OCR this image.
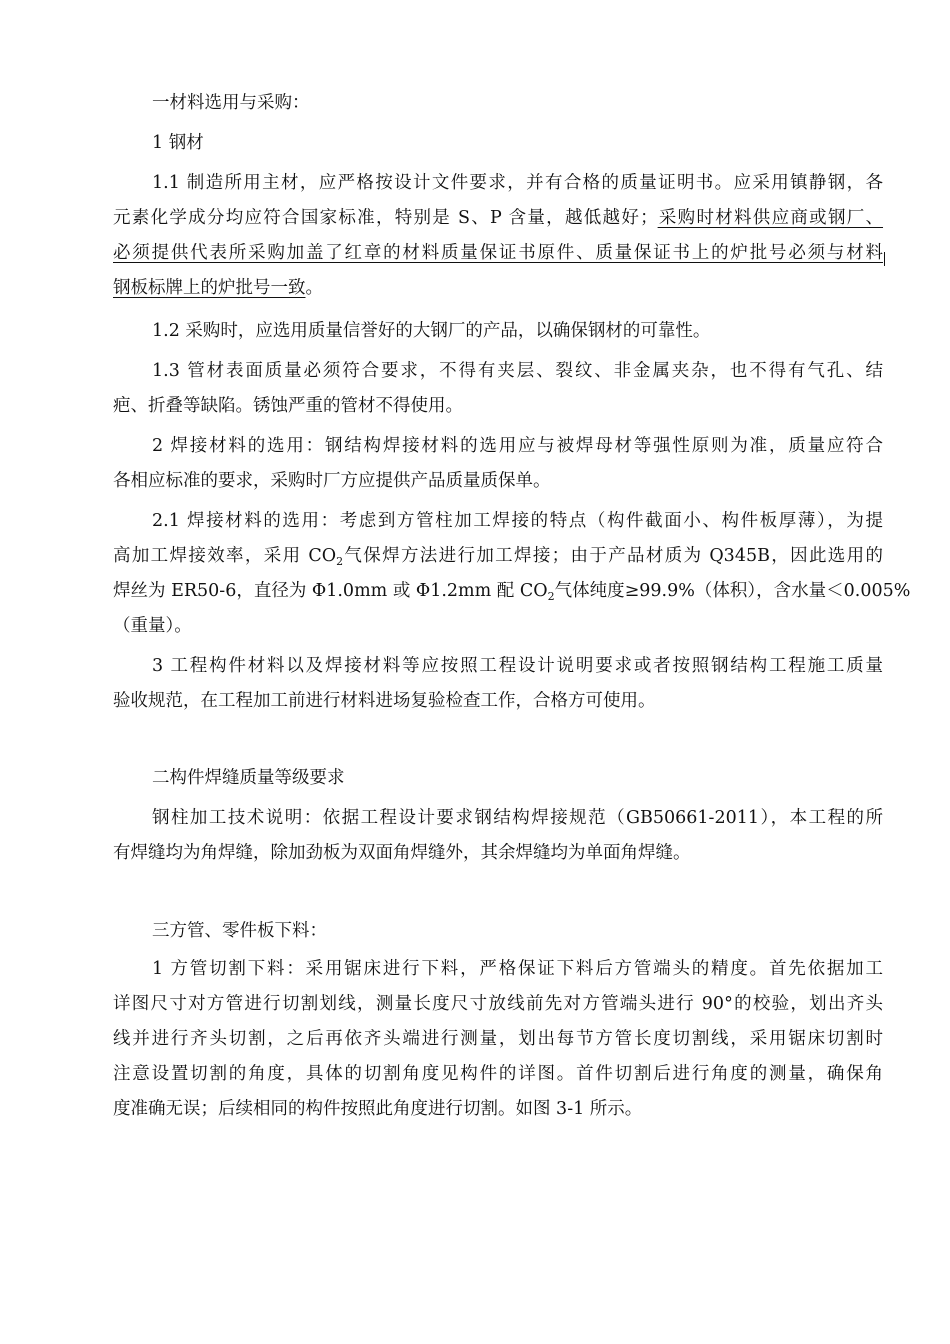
一材料选用与采购：
1 钢材
1.1 制造所用主材，应严格按设计文件要求，并有合格的质量证明书。应采用镇静钢，各
元素化学成分均应符合国家标准，特别是 S、P 含量，越低越好；采购时材料供应商或钢厂、
必须提供代表所采购加盖了红章的材料质量保证书原件、质量保证书上的炉批号必须与材料
钢板标牌上的炉批号一致。
1.2 采购时，应选用质量信誉好的大钢厂的产品，以确保钢材的可靠性。
1.3 管材表面质量必须符合要求，不得有夹层、裂纹、非金属夹杂，也不得有气孔、结
疤、折叠等缺陷。锈蚀严重的管材不得使用。
2 焊接材料的选用：钢结构焊接材料的选用应与被焊母材等强性原则为准，质量应符合
各相应标准的要求，采购时厂方应提供产品质量质保单。
2.1 焊接材料的选用：考虑到方管柱加工焊接的特点（构件截面小、构件板厚薄），为提
高加工焊接效率，采用 $CO_2$气保焊方法进行加工焊接；由于产品材质为 Q345B，因此选用的
焊丝为 ER50-6，直径为 Φ1.0mm 或 Φ1.2mm 配 $CO_2$气体纯度≥99.9%（体积），含水量＜0.005%
（重量）。
3 工程构件材料以及焊接材料等应按照工程设计说明要求或者按照钢结构工程施工质量
验收规范，在工程加工前进行材料进场复验检查工作，合格方可使用。
二构件焊缝质量等级要求
钢柱加工技术说明：依据工程设计要求钢结构焊接规范（GB50661-2011），本工程的所
有焊缝均为角焊缝，除加劲板为双面角焊缝外，其余焊缝均为单面角焊缝。
三方管、零件板下料：
1 方管切割下料：采用锯床进行下料，严格保证下料后方管端头的精度。首先依据加工
详图尺寸对方管进行切割划线，测量长度尺寸放线前先对方管端头进行 90°的校验，划出齐头
线并进行齐头切割，之后再依齐头端进行测量，划出每节方管长度切割线，采用锯床切割时
注意设置切割的角度，具体的切割角度见构件的详图。首件切割后进行角度的测量，确保角
度准确无误；后续相同的构件按照此角度进行切割。如图 3-1 所示。
